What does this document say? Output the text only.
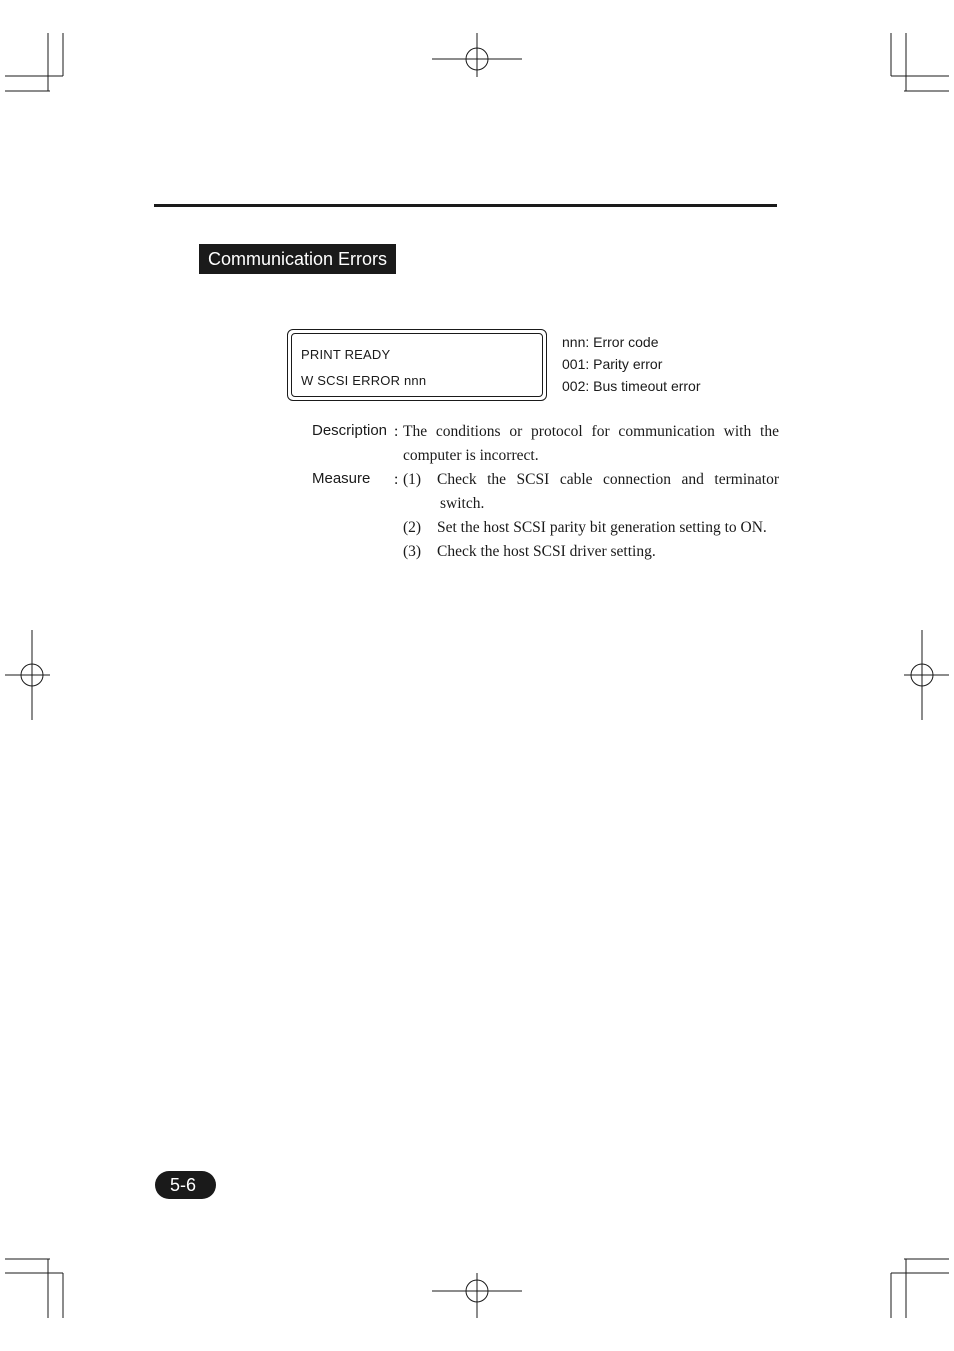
Communication Errors
PRINT READY
W SCSI ERROR nnn
nnn: Error code
001: Parity error
002: Bus timeout error
Description : The conditions or protocol for communication with the
computer is incorrect.
Measure : (1) Check the SCSI cable connection and terminator
switch.
(2) Set the host SCSI parity bit generation setting to ON.
(3) Check the host SCSI driver setting.
5-6
